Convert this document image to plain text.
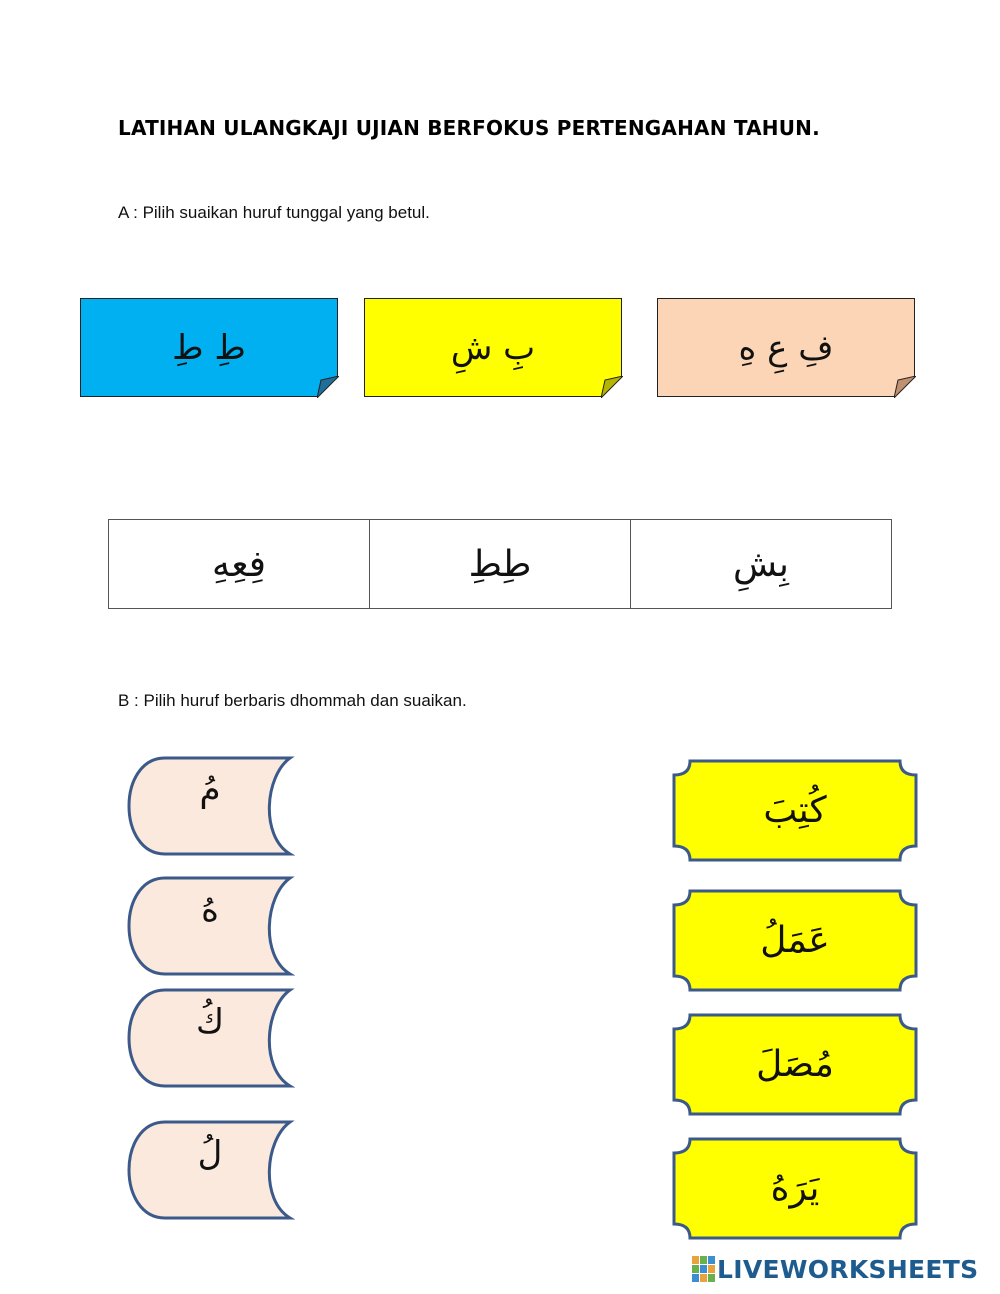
LATIHAN ULANGKAJI UJIAN BERFOKUS PERTENGAHAN TAHUN.
A : Pilih suaikan huruf tunggal yang betul.
طِ طِ	بِ شِ	فِ عِ هِ
فِعِهِ	طِطِ	بِشِ
B : Pilih huruf berbaris dhommah dan suaikan.
مُ
هُ
كُ
لُ
كُتِبَ
عَمَلُ
مُصَلَ
يَرَهُ
LIVEWORKSHEETS
